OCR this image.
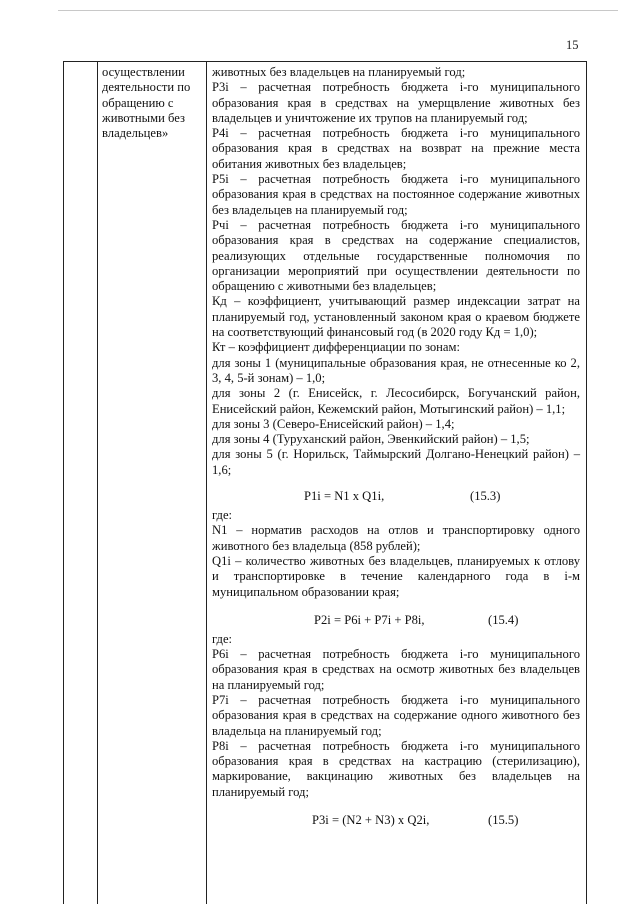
15
осуществлении деятельности по обращению с животными без владельцев»

животных без владельцев на планируемый год;

P3i – расчетная потребность бюджета i-го муниципального образования края в средствах на умерщвление животных без владельцев и уничтожение их трупов на планируемый год;

P4i – расчетная потребность бюджета i-го муниципального образования края в средствах на возврат на прежние места обитания животных без владельцев;

P5i – расчетная потребность бюджета i-го муниципального образования края в средствах на постоянное содержание животных без владельцев на планируемый год;

Pчi – расчетная потребность бюджета i-го муниципального образования края в средствах на содержание специалистов, реализующих отдельные государственные полномочия по организации мероприятий при осуществлении деятельности по обращению с животными без владельцев;

Кд – коэффициент, учитывающий размер индексации затрат на планируемый год, установленный законом края о краевом бюджете на соответствующий финансовый год (в 2020 году Кд = 1,0);

Кт – коэффициент дифференциации по зонам:

для зоны 1 (муниципальные образования края, не отнесенные ко 2, 3, 4, 5-й зонам) – 1,0;

для зоны 2 (г. Енисейск, г. Лесосибирск, Богучанский район, Енисейский район, Кежемский район, Мотыгинский район) – 1,1;

для зоны 3 (Северо-Енисейский район) – 1,4;

для зоны 4 (Туруханский район, Эвенкийский район) – 1,5;

для зоны 5 (г. Норильск, Таймырский Долгано-Ненецкий район) – 1,6;

P1i = N1 x Q1i,	(15.3)

где:

N1 – норматив расходов на отлов и транспортировку одного животного без владельца (858 рублей);

Q1i – количество животных без владельцев, планируемых к отлову и транспортировке в течение календарного года в i-м муниципальном образовании края;

P2i = P6i + P7i + P8i,	(15.4)

где:

P6i – расчетная потребность бюджета i-го муниципального образования края в средствах на осмотр животных без владельцев на планируемый год;

P7i – расчетная потребность бюджета i-го муниципального образования края в средствах на содержание одного животного без владельца на планируемый год;

P8i – расчетная потребность бюджета i-го муниципального образования края в средствах на кастрацию (стерилизацию), маркирование, вакцинацию животных без владельцев на планируемый год;

P3i = (N2 + N3) x Q2i,	(15.5)
